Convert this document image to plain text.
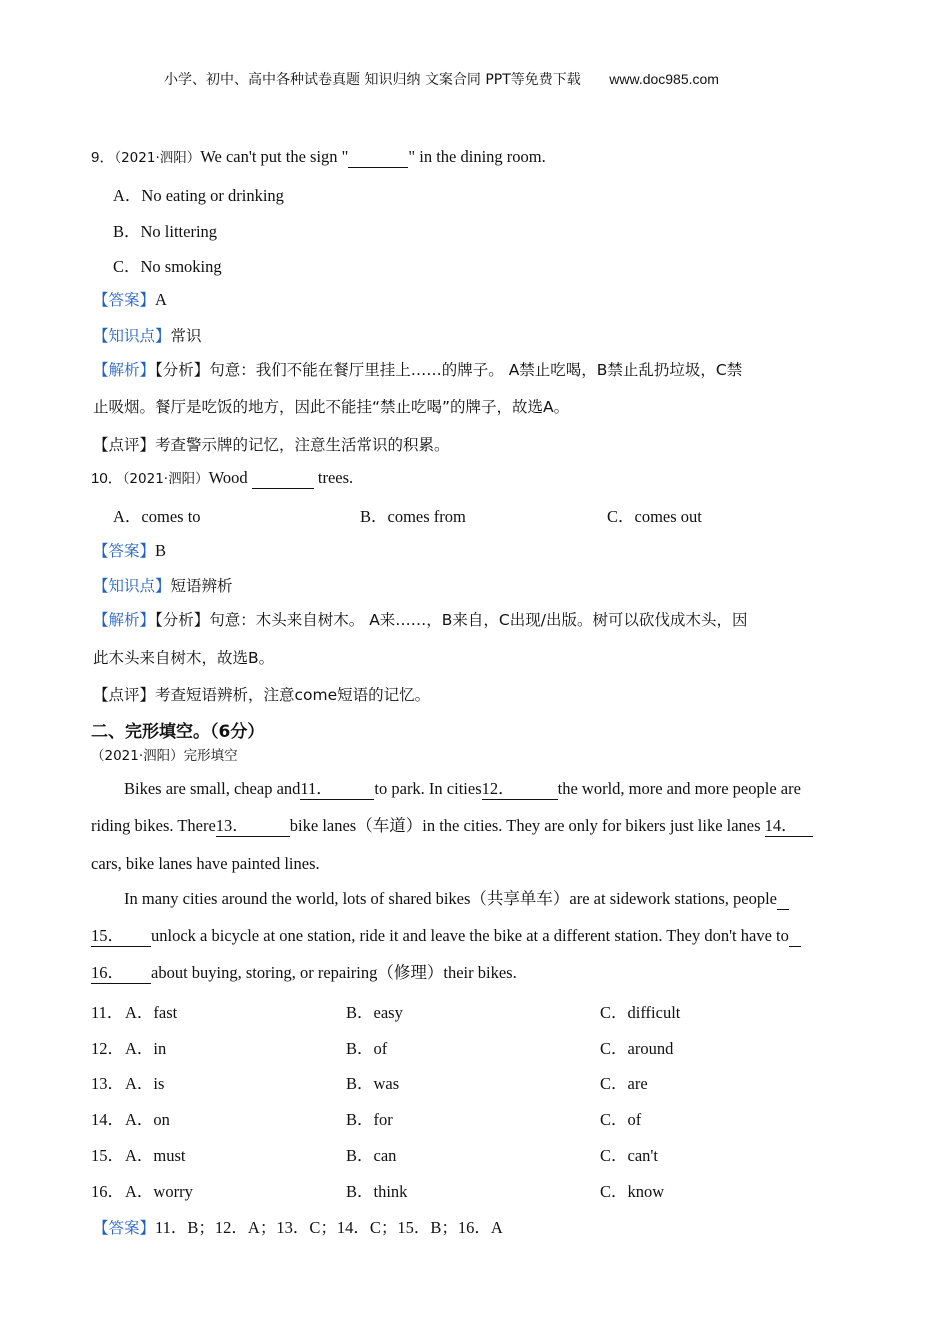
小学、初中、高中各种试卷真题 知识归纳 文案合同 PPT等免费下载 www.doc985.com
9．（2021·泗阳）We can't put the sign "	" in the dining room.
A．No eating or drinking
B．No littering
C．No smoking
【答案】A
【知识点】常识
【解析】【分析】句意：我们不能在餐厅里挂上……的牌子。 A禁止吃喝，B禁止乱扔垃圾，C禁
止吸烟。餐厅是吃饭的地方，因此不能挂“禁止吃喝”的牌子，故选A。
【点评】考查警示牌的记忆，注意生活常识的积累。
10．（2021·泗阳）Wood	trees.
A．comes to	B．comes from	C．comes out
【答案】B
【知识点】短语辨析
【解析】【分析】句意：木头来自树木。 A来……，B来自，C出现/出版。树可以砍伐成木头，因
此木头来自树木，故选B。
【点评】考查短语辨析，注意come短语的记忆。
二、完形填空。（6分）
（2021·泗阳）完形填空
Bikes are small, cheap and11．	to park. In cities12．	the world, more and more people are
riding bikes. There13． bike lanes（车道）in the cities. They are only for bikers just like lanes 14．
cars, bike lanes have painted lines.
In many cities around the world, lots of shared bikes（共享单车）are at sidework stations, people
15． unlock a bicycle at one station, ride it and leave the bike at a different station. They don't have to
16． about buying, storing, or repairing（修理）their bikes.
11． A．fast	B．easy	C．difficult
12． A．in	B．of	C．around
13． A．is	B．was	C．are
14． A．on	B．for	C．of
15． A．must	B．can	C．can't
16． A．worry	B．think	C．know
【答案】11．B；12．A；13．C；14．C；15．B；16．A
